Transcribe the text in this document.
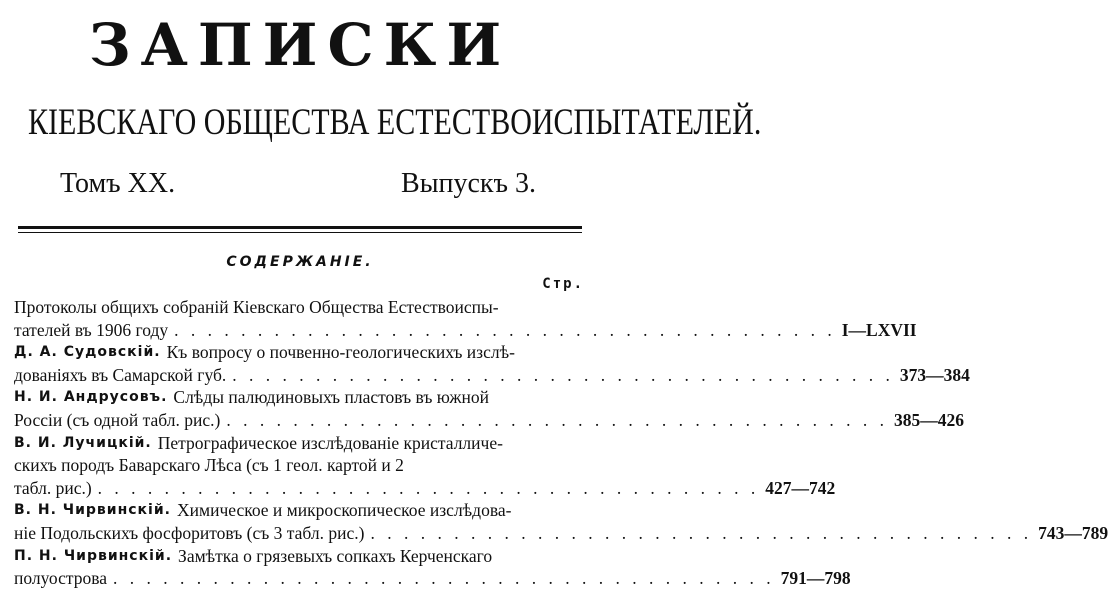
ЗАПИСКИ
КІЕВСКАГО ОБЩЕСТВА ЕСТЕСТВОИСПЫТАТЕЛЕЙ.
Томъ XX.	Выпускъ 3.
СОДЕРЖАНІЕ.
Стр.
Протоколы общихъ собраній Кіевскаго Общества Естествоиспы-
тателей въ 1906 году . . . . . . . . . . . . . . . . . . . . . . . . . . . . . . . . . . . . . . . . I—LXVII
Д. А. Судовскій. Къ вопросу о почвенно-геологическихъ изслѣ-
дованіяхъ въ Самарской губ. . . . . . . . . . . . . . . . . . . . . . . . . . . . . . . . . . . . . . . . . 373—384
Н. И. Андрусовъ. Слѣды палюдиновыхъ пластовъ въ южной
Россіи (съ одной табл. рис.) . . . . . . . . . . . . . . . . . . . . . . . . . . . . . . . . . . . . . . . . 385—426
В. И. Лучицкій. Петрографическое изслѣдованіе кристалличе-
скихъ породъ Баварскаго Лѣса (съ 1 геол. картой и 2
табл. рис.) . . . . . . . . . . . . . . . . . . . . . . . . . . . . . . . . . . . . . . . . 427—742
В. Н. Чирвинскій. Химическое и микроскопическое изслѣдова-
ніе Подольскихъ фосфоритовъ (съ 3 табл. рис.) . . . . . . . . . . . . . . . . . . . . . . . . . . . . . . . . . . . . . . . . 743—789
П. Н. Чирвинскій. Замѣтка о грязевыхъ сопкахъ Керченскаго
полуострова . . . . . . . . . . . . . . . . . . . . . . . . . . . . . . . . . . . . . . . . 791—798
